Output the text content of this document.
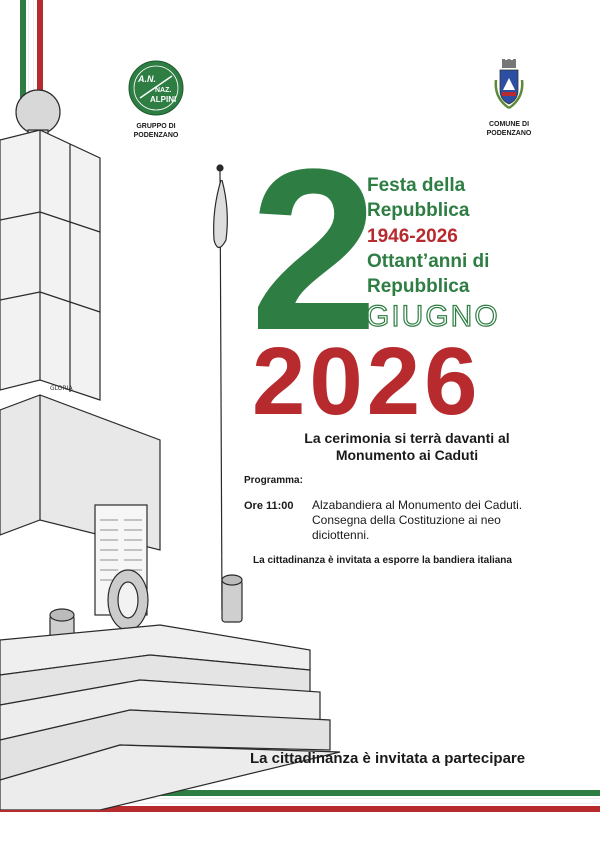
A.N.
NAZ.
ALPINI
GRUPPO DI
PODENZANO
COMUNE DI
PODENZANO
GLORIA
2
Festa della
Repubblica
1946-2026
Ottant’anni di
Repubblica
GIUGNO
2026
La cerimonia si terrà davanti al
Monumento ai Caduti
Programma:
Ore 11:00 Alzabandiera al Monumento dei Caduti.
Consegna della Costituzione ai neo
diciottenni.
La cittadinanza è invitata a esporre la bandiera italiana
La cittadinanza è invitata a partecipare
